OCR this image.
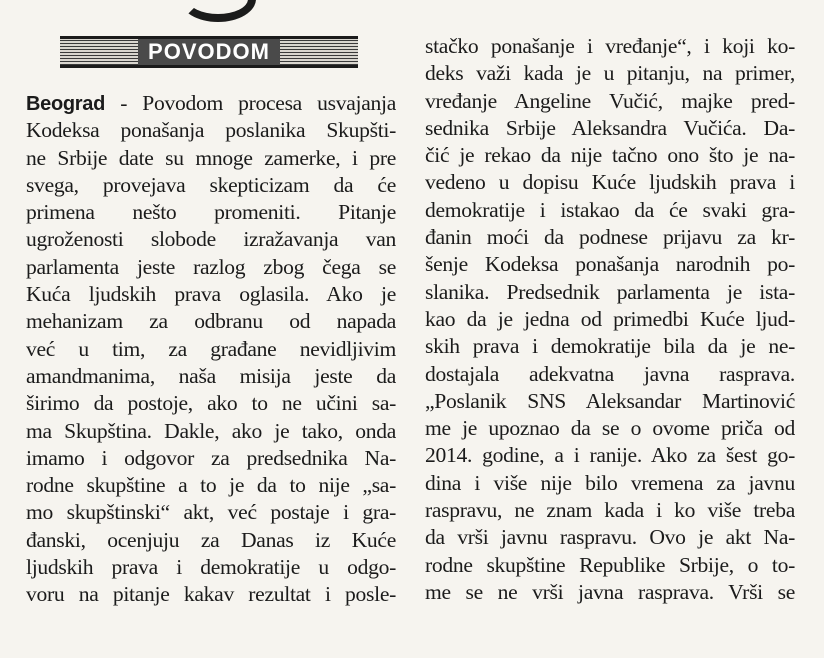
POVODOM
Beograd - Povodom procesa usvajanja
Kodeksa ponašanja poslanika Skupšti-
ne Srbije date su mnoge zamerke, i pre
svega, provejava skepticizam da će
primena nešto promeniti. Pitanje
ugroženosti slobode izražavanja van
parlamenta jeste razlog zbog čega se
Kuća ljudskih prava oglasila. Ako je
mehanizam za odbranu od napada
već u tim, za građane nevidljivim
amandmanima, naša misija jeste da
širimo da postoje, ako to ne učini sa-
ma Skupština. Dakle, ako je tako, onda
imamo i odgovor za predsednika Na-
rodne skupštine a to je da to nije „sa-
mo skupštinski“ akt, već postaje i gra-
đanski, ocenjuju za Danas iz Kuće
ljudskih prava i demokratije u odgo-
voru na pitanje kakav rezultat i posle-
stačko ponašanje i vređanje“, i koji ko-
deks važi kada je u pitanju, na primer,
vređanje Angeline Vučić, majke pred-
sednika Srbije Aleksandra Vučića. Da-
čić je rekao da nije tačno ono što je na-
vedeno u dopisu Kuće ljudskih prava i
demokratije i istakao da će svaki gra-
đanin moći da podnese prijavu za kr-
šenje Kodeksa ponašanja narodnih po-
slanika. Predsednik parlamenta je ista-
kao da je jedna od primedbi Kuće ljud-
skih prava i demokratije bila da je ne-
dostajala adekvatna javna rasprava.
„Poslanik SNS Aleksandar Martinović
me je upoznao da se o ovome priča od
2014. godine, a i ranije. Ako za šest go-
dina i više nije bilo vremena za javnu
raspravu, ne znam kada i ko više treba
da vrši javnu raspravu. Ovo je akt Na-
rodne skupštine Republike Srbije, o to-
me se ne vrši javna rasprava. Vrši se
